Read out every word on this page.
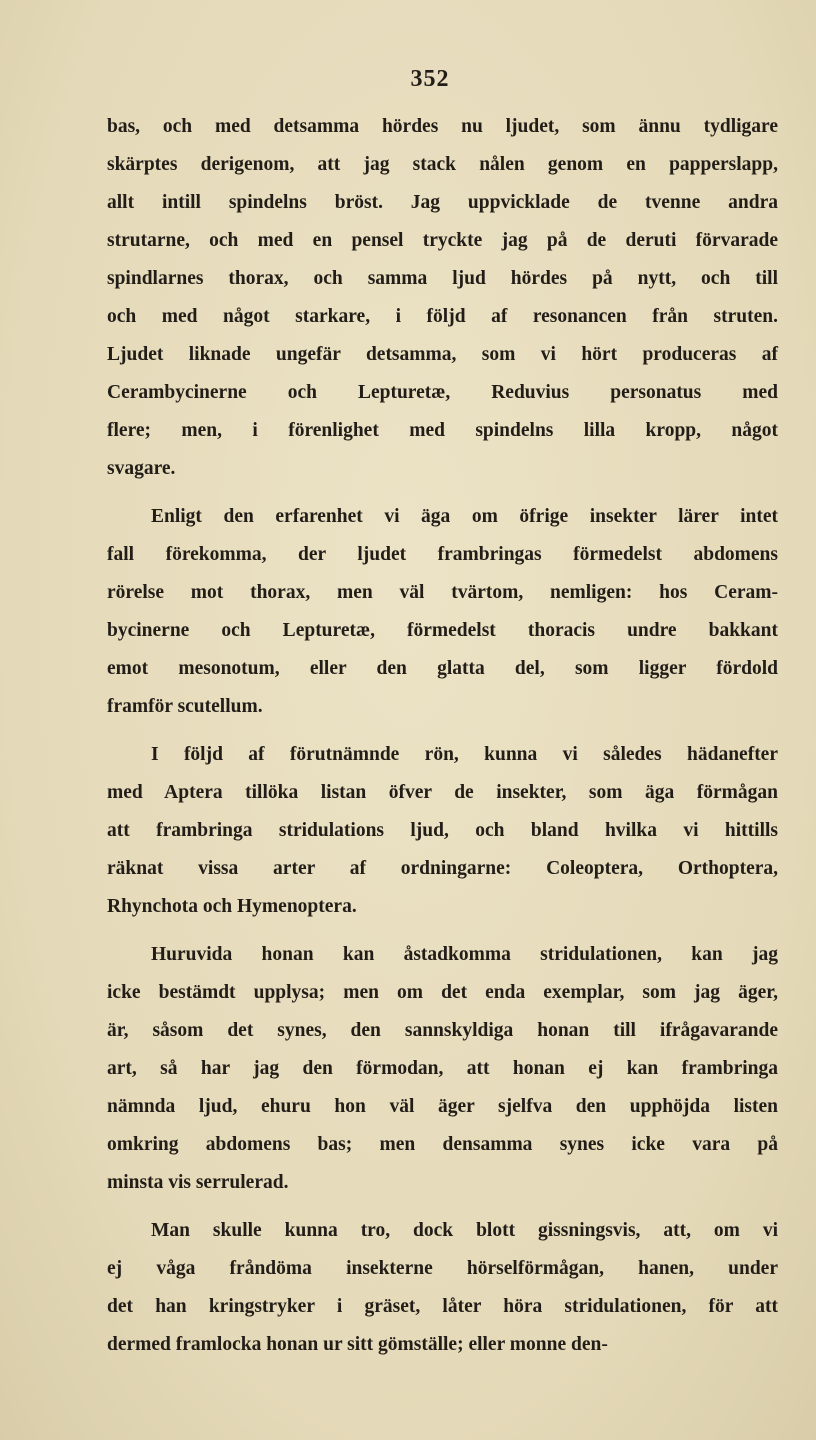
352
bas, och med detsamma hördes nu ljudet, som ännu tydligare
skärptes derigenom, att jag stack nålen genom en papperslapp,
allt intill spindelns bröst. Jag uppvicklade de tvenne andra
strutarne, och med en pensel tryckte jag på de deruti förvarade
spindlarnes thorax, och samma ljud hördes på nytt, och till
och med något starkare, i följd af resonancen från struten.
Ljudet liknade ungefär detsamma, som vi hört produceras af
Cerambycinerne och Lepturetæ, Reduvius personatus med
flere; men, i förenlighet med spindelns lilla kropp, något
svagare.
Enligt den erfarenhet vi äga om öfrige insekter lärer intet
fall förekomma, der ljudet frambringas förmedelst abdomens
rörelse mot thorax, men väl tvärtom, nemligen: hos Ceram-
bycinerne och Lepturetæ, förmedelst thoracis undre bakkant
emot mesonotum, eller den glatta del, som ligger fördold
framför scutellum.
I följd af förutnämnde rön, kunna vi således hädanefter
med Aptera tillöka listan öfver de insekter, som äga förmågan
att frambringa stridulations ljud, och bland hvilka vi hittills
räknat vissa arter af ordningarne: Coleoptera, Orthoptera,
Rhynchota och Hymenoptera.
Huruvida honan kan åstadkomma stridulationen, kan jag
icke bestämdt upplysa; men om det enda exemplar, som jag äger,
är, såsom det synes, den sannskyldiga honan till ifrågavarande
art, så har jag den förmodan, att honan ej kan frambringa
nämnda ljud, ehuru hon väl äger sjelfva den upphöjda listen
omkring abdomens bas; men densamma synes icke vara på
minsta vis serrulerad.
Man skulle kunna tro, dock blott gissningsvis, att, om vi
ej våga fråndöma insekterne hörselförmågan, hanen, under
det han kringstryker i gräset, låter höra stridulationen, för att
dermed framlocka honan ur sitt gömställe; eller monne den-
